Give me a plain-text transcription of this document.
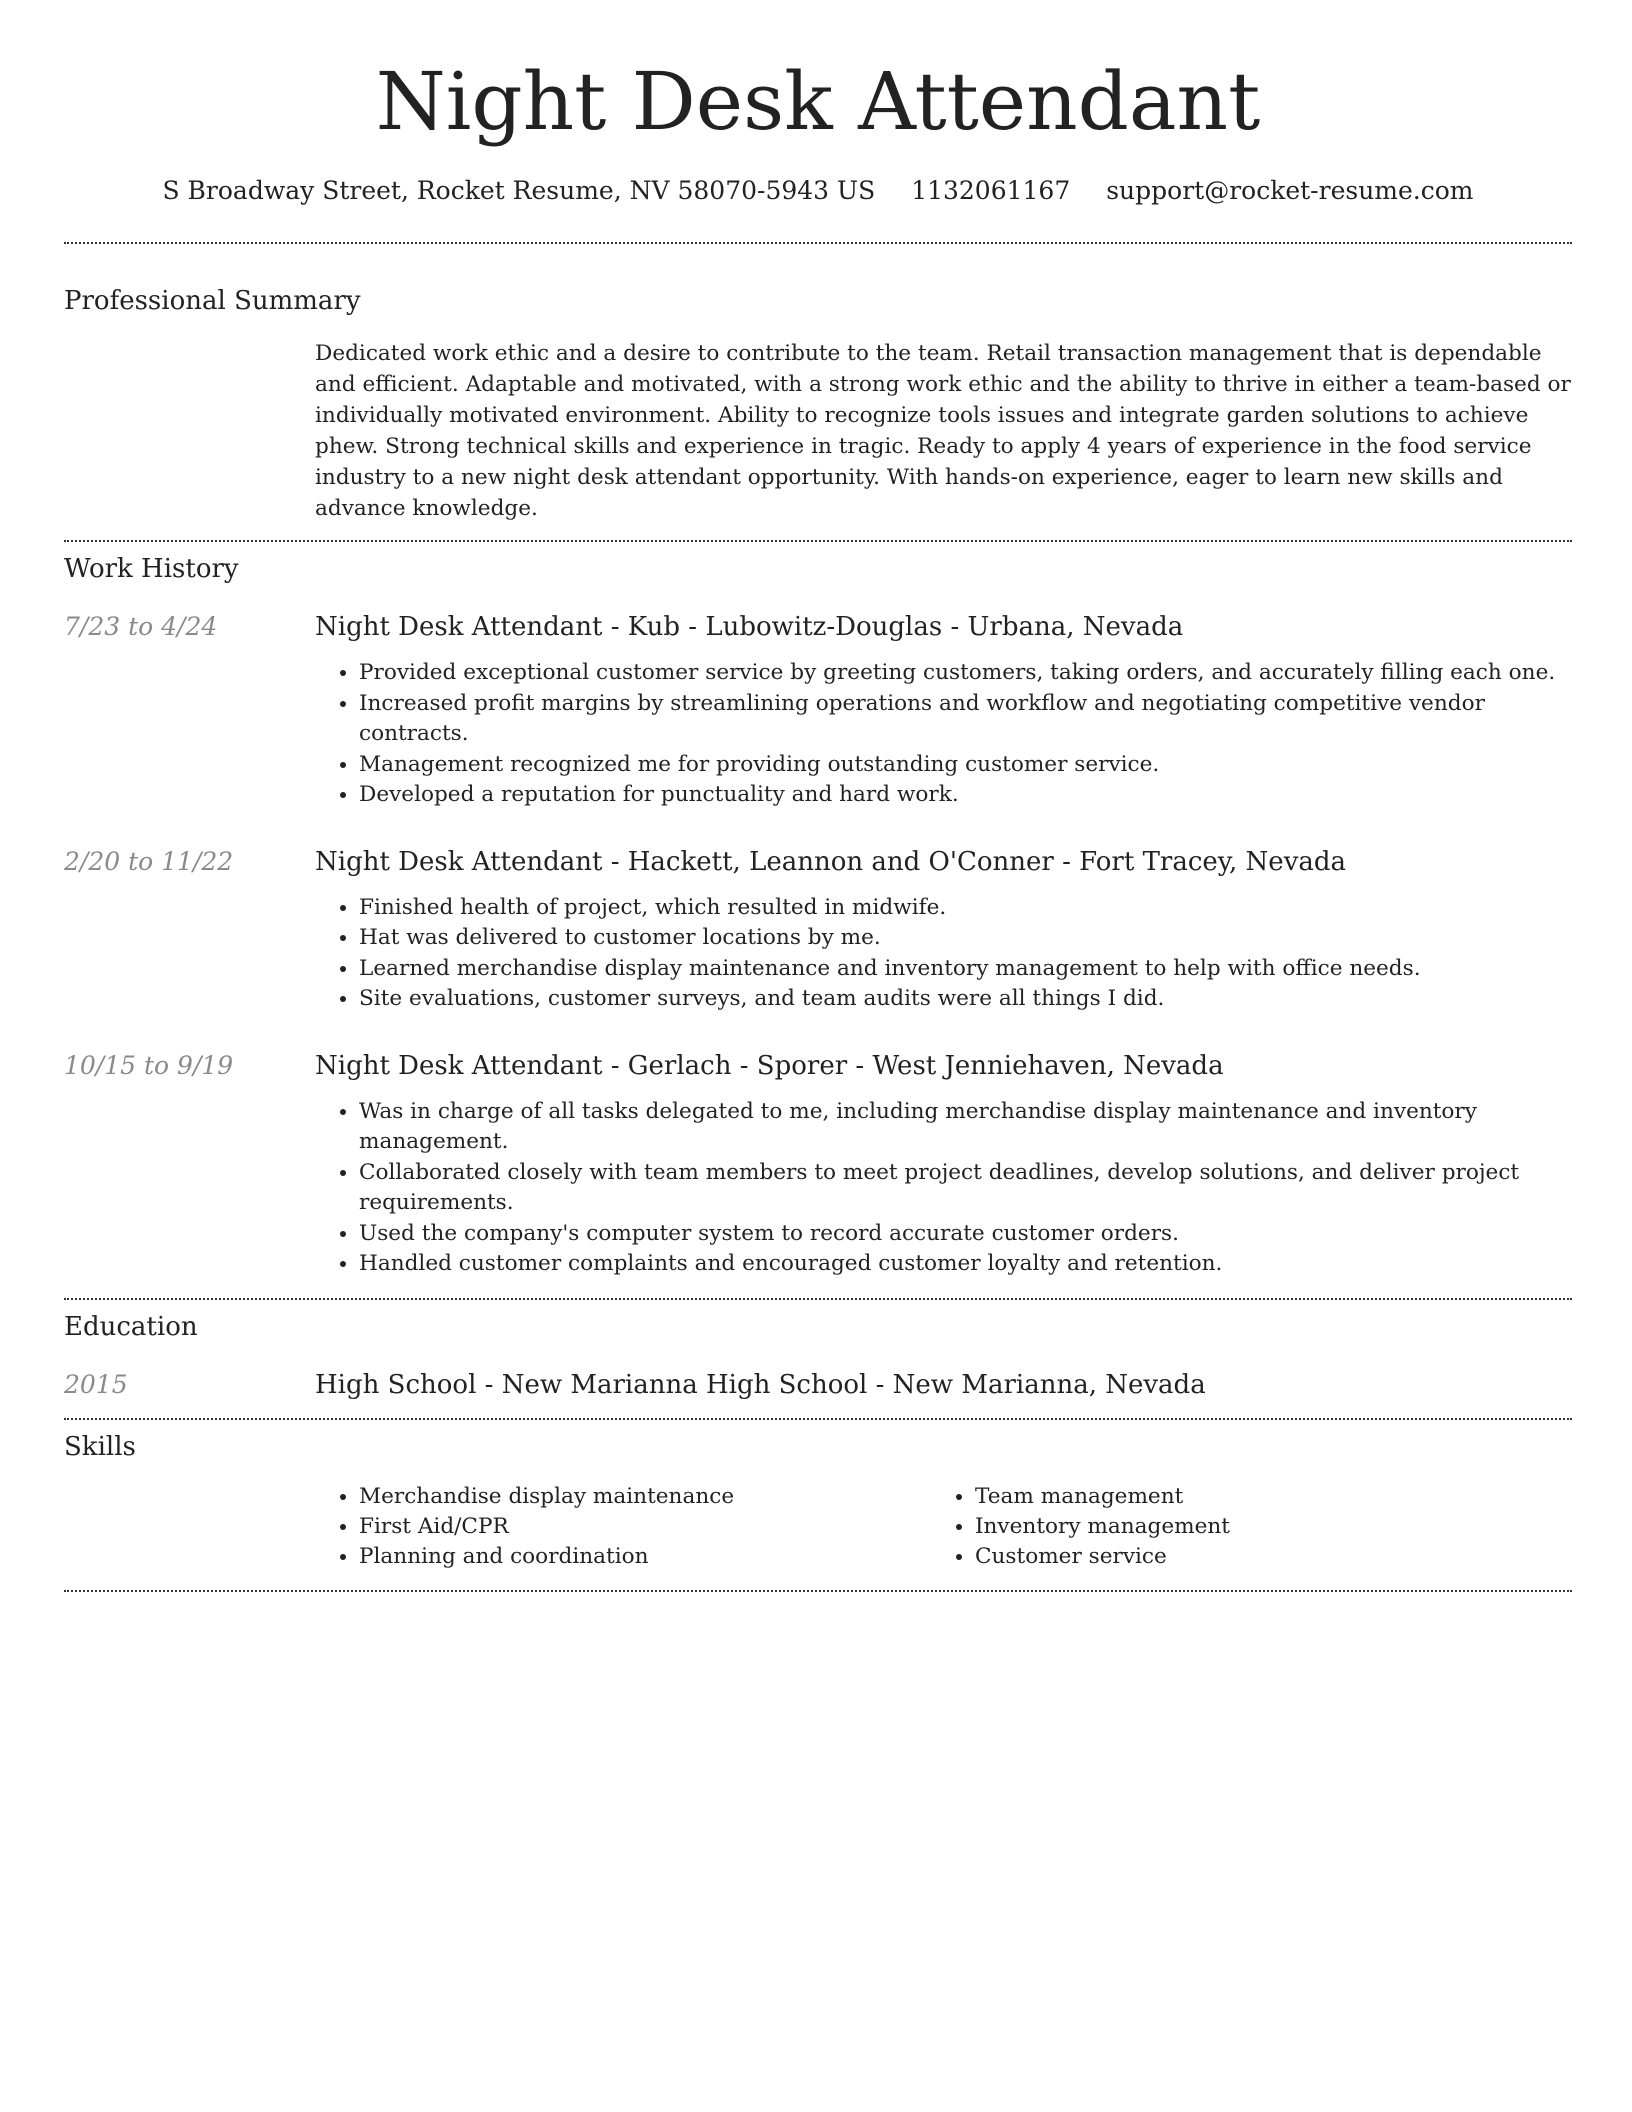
Night Desk Attendant
S Broadway Street, Rocket Resume, NV 58070-5943 US 1132061167 support@rocket-resume.com
Professional Summary

Dedicated work ethic and a desire to contribute to the team. Retail transaction management that is dependable and efficient. Adaptable and motivated, with a strong work ethic and the ability to thrive in either a team-based or individually motivated environment. Ability to recognize tools issues and integrate garden solutions to achieve phew. Strong technical skills and experience in tragic. Ready to apply 4 years of experience in the food service industry to a new night desk attendant opportunity. With hands-on experience, eager to learn new skills and advance knowledge.

Work History
7/23 to 4/24	Night Desk Attendant - Kub - Lubowitz-Douglas - Urbana, Nevada
• Provided exceptional customer service by greeting customers, taking orders, and accurately filling each one.
• Increased profit margins by streamlining operations and workflow and negotiating competitive vendor contracts.
• Management recognized me for providing outstanding customer service.
• Developed a reputation for punctuality and hard work.
2/20 to 11/22	Night Desk Attendant - Hackett, Leannon and O'Conner - Fort Tracey, Nevada
• Finished health of project, which resulted in midwife.
• Hat was delivered to customer locations by me.
• Learned merchandise display maintenance and inventory management to help with office needs.
• Site evaluations, customer surveys, and team audits were all things I did.
10/15 to 9/19	Night Desk Attendant - Gerlach - Sporer - West Jenniehaven, Nevada
• Was in charge of all tasks delegated to me, including merchandise display maintenance and inventory management.
• Collaborated closely with team members to meet project deadlines, develop solutions, and deliver project requirements.
• Used the company's computer system to record accurate customer orders.
• Handled customer complaints and encouraged customer loyalty and retention.
Education
2015	High School - New Marianna High School - New Marianna, Nevada
Skills
• Merchandise display maintenance
• First Aid/CPR
• Planning and coordination
• Team management
• Inventory management
• Customer service
